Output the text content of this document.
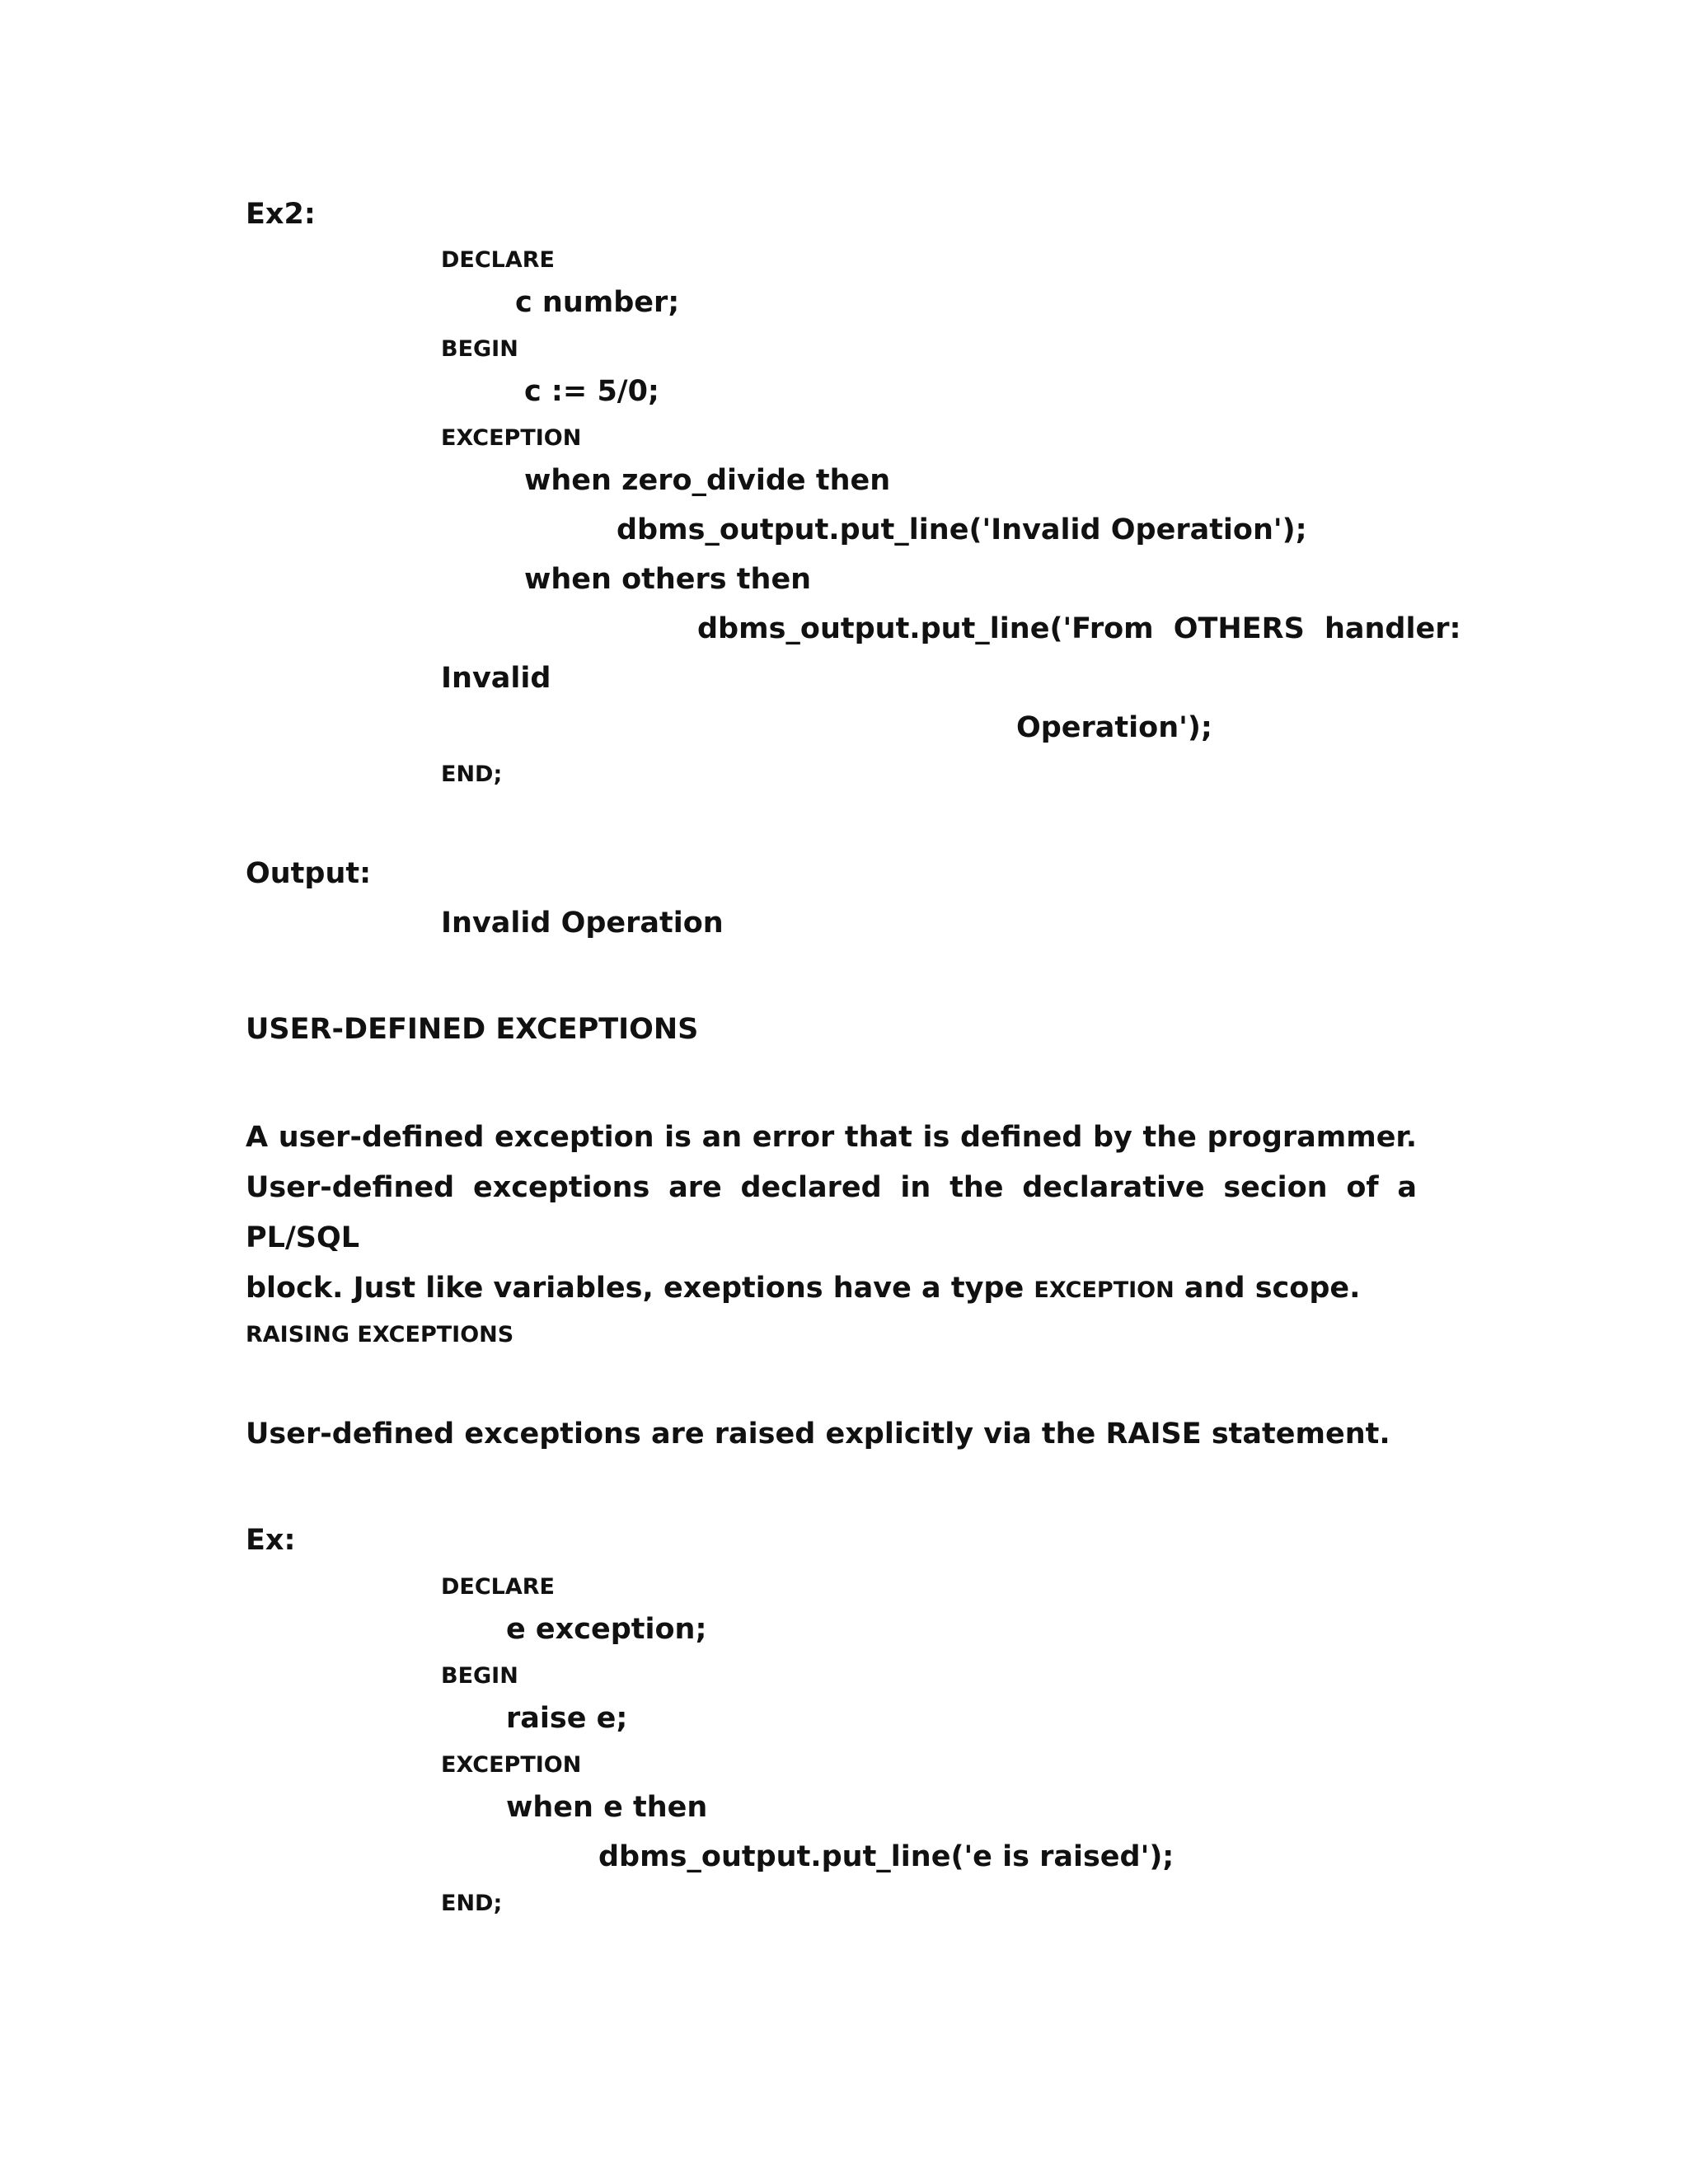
Ex2:
DECLARE
c number;
BEGIN
c := 5/0;
EXCEPTION
when zero_divide then
dbms_output.put_line('Invalid Operation');
when others then
dbms_output.put_line('From OTHERS handler:
Invalid
Operation');
END;
Output:
Invalid Operation
USER-DEFINED EXCEPTIONS
A user-defined exception is an error that is defined by the programmer.
User-defined exceptions are declared in the declarative secion of a PL/SQL
block. Just like variables, exeptions have a type EXCEPTION and scope.
RAISING EXCEPTIONS
User-defined exceptions are raised explicitly via the RAISE statement.
Ex:
DECLARE
e exception;
BEGIN
raise e;
EXCEPTION
when e then
dbms_output.put_line('e is raised');
END;
